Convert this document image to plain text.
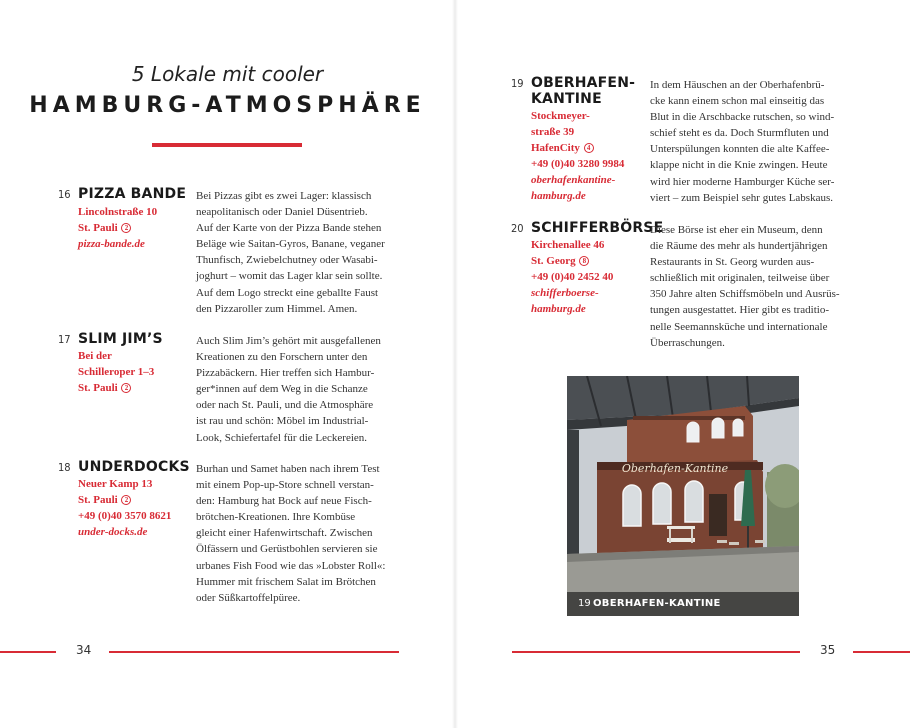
5 Lokale mit cooler
HAMBURG-ATMOSPHÄRE
16 PIZZA BANDE
Lincolnstraße 10
St. Pauli 2
pizza-bande.de
Bei Pizzas gibt es zwei Lager: klassisch
neapolitanisch oder Daniel Düsentrieb.
Auf der Karte von der Pizza Bande stehen
Beläge wie Saitan-Gyros, Banane, veganer
Thunfisch, Zwiebelchutney oder Wasabi-
joghurt – womit das Lager klar sein sollte.
Auf dem Logo streckt eine geballte Faust
den Pizzaroller zum Himmel. Amen.
17 SLIM JIM’S
Bei der
Schilleroper 1–3
St. Pauli 2
Auch Slim Jim’s gehört mit ausgefallenen
Kreationen zu den Forschern unter den
Pizzabäckern. Hier treffen sich Hambur-
ger*innen auf dem Weg in die Schanze
oder nach St. Pauli, und die Atmosphäre
ist rau und schön: Möbel im Industrial-
Look, Schiefertafel für die Leckereien.
18 UNDERDOCKS
Neuer Kamp 13
St. Pauli 2
+49 (0)40 3570 8621
under-docks.de
Burhan und Samet haben nach ihrem Test
mit einem Pop-up-Store schnell verstan-
den: Hamburg hat Bock auf neue Fisch-
brötchen-Kreationen. Ihre Kombüse
gleicht einer Hafenwirtschaft. Zwischen
Ölfässern und Gerüstbohlen servieren sie
urbanes Fish Food wie das »Lobster Roll«:
Hummer mit frischem Salat im Brötchen
oder Süßkartoffelpüree.
19 OBERHAFEN-
KANTINE
Stockmeyer-
straße 39
HafenCity 4
+49 (0)40 3280 9984
oberhafenkantine-
hamburg.de
In dem Häuschen an der Oberhafenbrü-
cke kann einem schon mal einseitig das
Blut in die Arschbacke rutschen, so wind-
schief steht es da. Doch Sturmfluten und
Unterspülungen konnten die alte Kaffee-
klappe nicht in die Knie zwingen. Heute
wird hier moderne Hamburger Küche ser-
viert – zum Beispiel sehr gutes Labskaus.
20 SCHIFFERBÖRSE
Kirchenallee 46
St. Georg 8
+49 (0)40 2452 40
schifferboerse-
hamburg.de
Diese Börse ist eher ein Museum, denn
die Räume des mehr als hundertjährigen
Restaurants in St. Georg wurden aus-
schließlich mit originalen, teilweise über
350 Jahre alten Schiffsmöbeln und Ausrüs-
tungen ausgestattet. Hier gibt es traditio-
nelle Seemannsküche und internationale
Überraschungen.
Oberhafen-Kantine
19 OBERHAFEN-KANTINE
34	35
